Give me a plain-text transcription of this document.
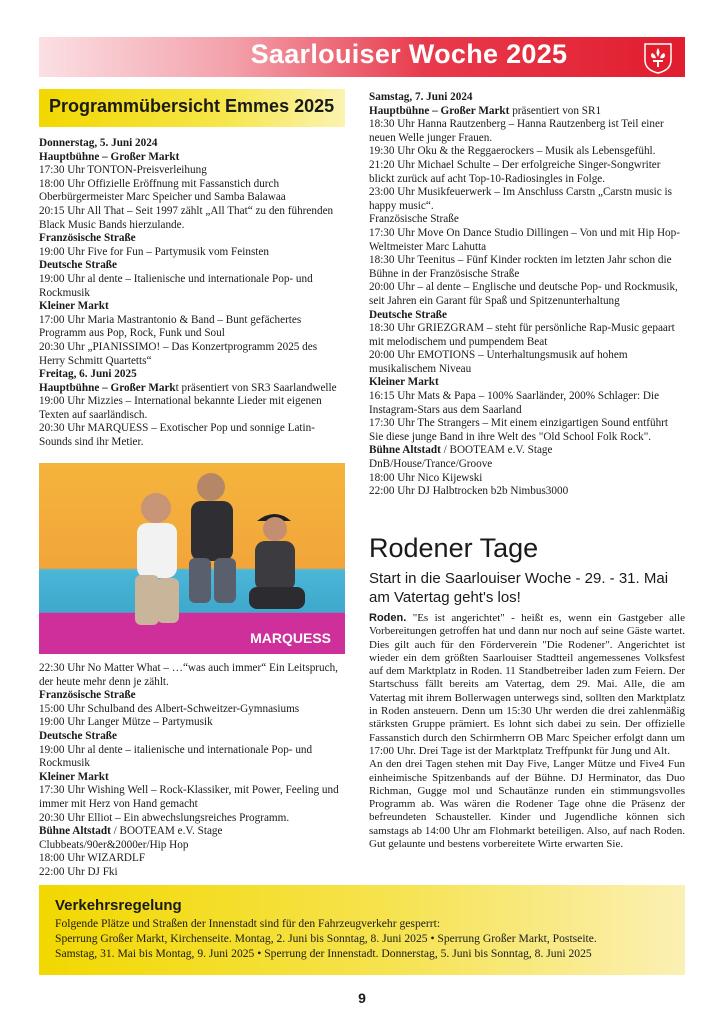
Saarlouiser Woche 2025
Programmübersicht Emmes 2025

Donnerstag, 5. Juni 2024

Hauptbühne – Großer Markt

17:30 Uhr TONTON-Preisverleihung

18:00 Uhr Offizielle Eröffnung mit Fassanstich durch Oberbürgermeister Marc Speicher und Samba Balawaa

20:15 Uhr All That – Seit 1997 zählt „All That“ zu den führenden Black Music Bands hierzulande.

Französische Straße

19:00 Uhr Five for Fun – Partymusik vom Feinsten

Deutsche Straße

19:00 Uhr al dente – Italienische und internationale Pop- und Rockmusik

Kleiner Markt

17:00 Uhr Maria Mastrantonio & Band – Bunt gefächertes Programm aus Pop, Rock, Funk und Soul

20:30 Uhr „PIANISSIMO! – Das Konzertprogramm 2025 des Herry Schmitt Quartetts“

Freitag, 6. Juni 2025

Hauptbühne – Großer Markt präsentiert von SR3 Saarlandwelle

19:00 Uhr Mizzies – International bekannte Lieder mit eigenen Texten auf saarländisch.

20:30 Uhr MARQUESS – Exotischer Pop und sonnige Latin-Sounds sind ihr Metier.

MARQUESS

22:30 Uhr No Matter What – …“was auch immer“ Ein Leitspruch, der heute mehr denn je zählt.

Französische Straße

15:00 Uhr Schulband des Albert-Schweitzer-Gymnasiums

19:00 Uhr Langer Mütze – Partymusik

Deutsche Straße

19:00 Uhr al dente – italienische und internationale Pop- und Rockmusik

Kleiner Markt

17:30 Uhr Wishing Well – Rock-Klassiker, mit Power, Feeling und immer mit Herz von Hand gemacht

20:30 Uhr Elliot – Ein abwechslungsreiches Programm.

Bühne Altstadt / BOOTEAM e.V. Stage

Clubbeats/90er&2000er/Hip Hop

18:00 Uhr WIZARDLF

22:00 Uhr DJ Fki

Samstag, 7. Juni 2024

Hauptbühne – Großer Markt präsentiert von SR1

18:30 Uhr Hanna Rautzenberg – Hanna Rautzenberg ist Teil einer neuen Welle junger Frauen.

19:30 Uhr Oku & the Reggaerockers – Musik als Lebensgefühl.

21:20 Uhr Michael Schulte – Der erfolgreiche Singer-Songwriter blickt zurück auf acht Top-10-Radiosingles in Folge.

23:00 Uhr Musikfeuerwerk – Im Anschluss Carstn „Carstn music is happy music“.

Französische Straße

17:30 Uhr Move On Dance Studio Dillingen – Von und mit Hip Hop-Weltmeister Marc Lahutta

18:30 Uhr Teenitus – Fünf Kinder rockten im letzten Jahr schon die Bühne in der Französische Straße

20:00 Uhr – al dente – Englische und deutsche Pop- und Rockmusik, seit Jahren ein Garant für Spaß und Spitzenunterhaltung

Deutsche Straße

18:30 Uhr GRIEZGRAM – steht für persönliche Rap-Music gepaart mit melodischem und pumpendem Beat

20:00 Uhr EMOTIONS – Unterhaltungsmusik auf hohem musikalischem Niveau

Kleiner Markt

16:15 Uhr Mats & Papa – 100% Saarländer, 200% Schlager: Die Instagram-Stars aus dem Saarland

17:30 Uhr The Strangers – Mit einem einzigartigen Sound entführt Sie diese junge Band in ihre Welt des "Old School Folk Rock".

Bühne Altstadt / BOOTEAM e.V. Stage

DnB/House/Trance/Groove

18:00 Uhr Nico Kijewski

22:00 Uhr DJ Halbtrocken b2b Nimbus3000

Rodener Tage
Start in die Saarlouiser Woche - 29. - 31. Mai am Vatertag geht's los!
Roden. "Es ist angerichtet" - heißt es, wenn ein Gastgeber alle Vorbereitungen getroffen hat und dann nur noch auf seine Gäste wartet. Dies gilt auch für den Förderverein "Die Rodener". Angerichtet ist wieder ein dem größten Saarlouiser Stadtteil angemessenes Volksfest auf dem Marktplatz in Roden. 11 Standbetreiber laden zum Feiern. Der Startschuss fällt bereits am Vatertag, dem 29. Mai. Alle, die am Vatertag mit ihrem Bollerwagen unterwegs sind, sollten den Marktplatz in Roden ansteuern. Denn um 15:30 Uhr werden die drei zahlenmäßig stärksten Gruppe prämiert. Es lohnt sich dabei zu sein. Der offizielle Fassanstich durch den Schirmherrn OB Marc Speicher erfolgt dann um 17:00 Uhr. Drei Tage ist der Marktplatz Treffpunkt für Jung und Alt.
An den drei Tagen stehen mit Day Five, Langer Mütze und Five4 Fun einheimische Spitzenbands auf der Bühne. DJ Herminator, das Duo Richman, Gugge mol und Schautänze runden ein stimmungsvolles Programm ab. Was wären die Rodener Tage ohne die Präsenz der befreundeten Schausteller. Kinder und Jugendliche können sich samstags ab 14:00 Uhr am Flohmarkt beteiligen. Also, auf nach Roden. Gut gelaunte und bestens vorbereitete Wirte erwarten Sie.
Verkehrsregelung
Folgende Plätze und Straßen der Innenstadt sind für den Fahrzeugverkehr gesperrt:
Sperrung Großer Markt, Kirchenseite. Montag, 2. Juni bis Sonntag, 8. Juni 2025 • Sperrung Großer Markt, Postseite.
Samstag, 31. Mai bis Montag, 9. Juni 2025 • Sperrung der Innenstadt. Donnerstag, 5. Juni bis Sonntag, 8. Juni 2025
9
